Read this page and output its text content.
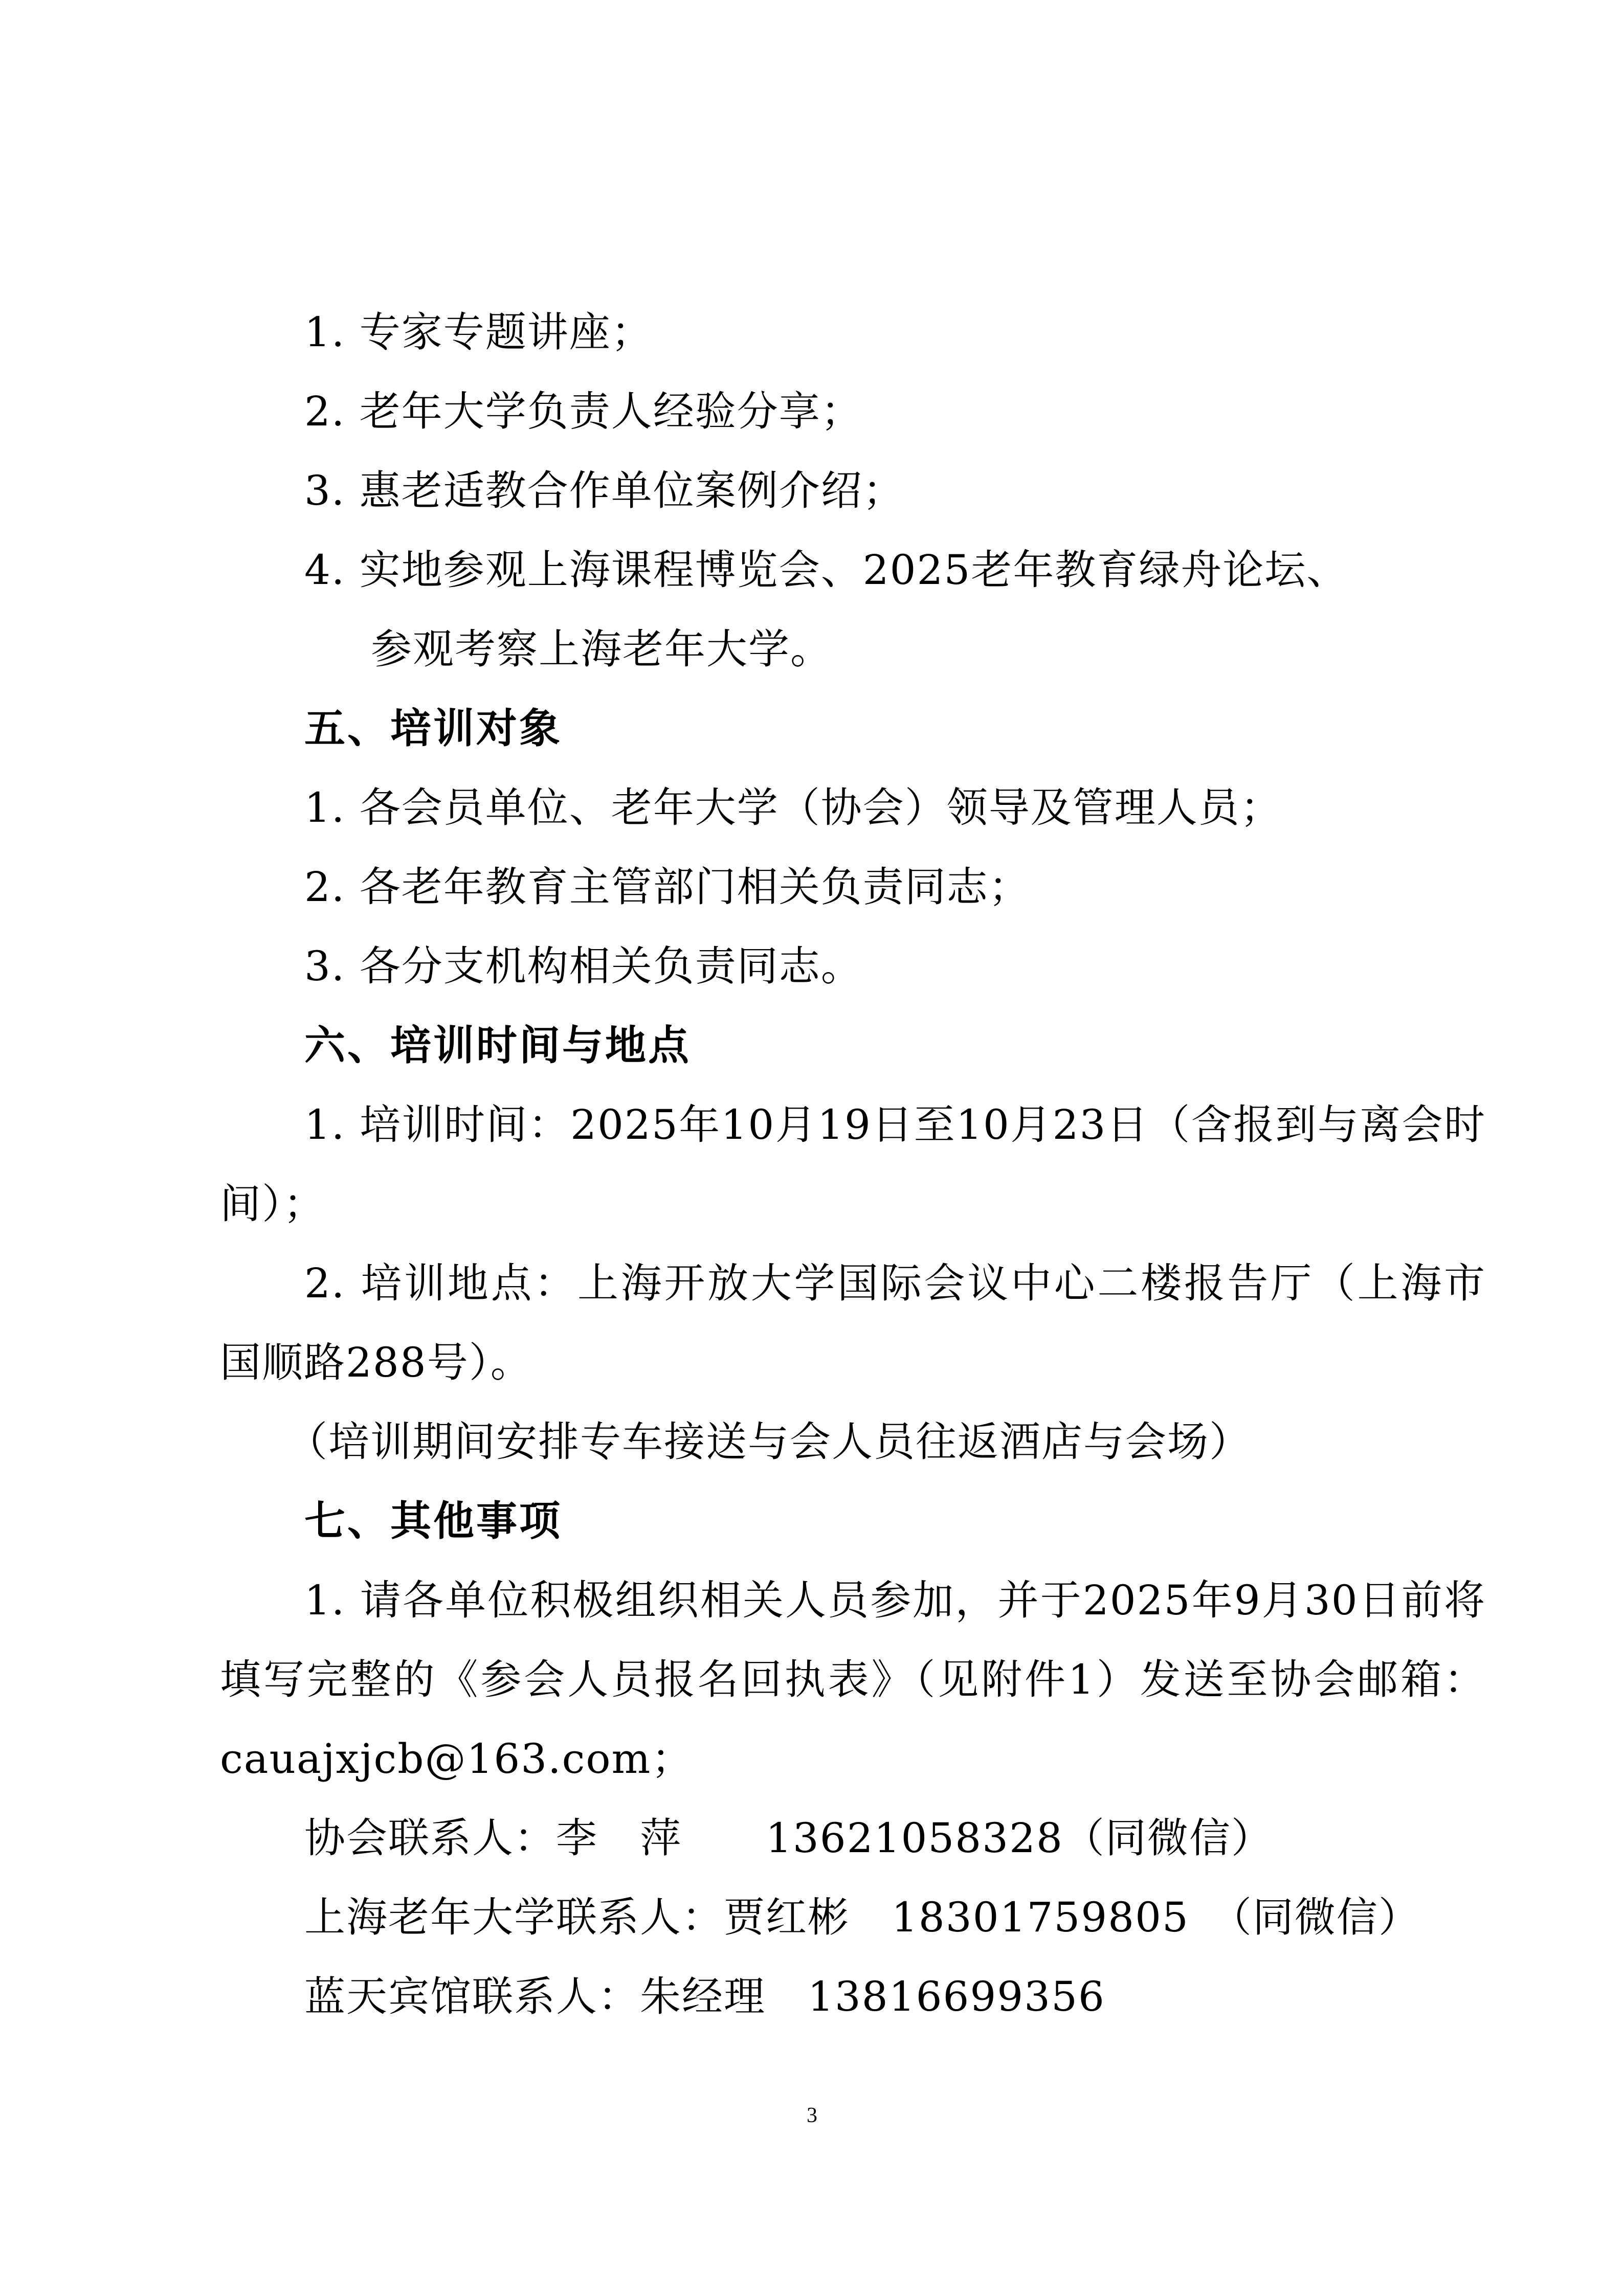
1. 专家专题讲座；

2. 老年大学负责人经验分享；

3. 惠老适教合作单位案例介绍；

4. 实地参观上海课程博览会、2025老年教育绿舟论坛、

参观考察上海老年大学。

五、培训对象

1. 各会员单位、老年大学（协会）领导及管理人员；

2. 各老年教育主管部门相关负责同志；

3. 各分支机构相关负责同志。

六、培训时间与地点

1. 培训时间：2025年10月19日至10月23日（含报到与离会时

间）；

2. 培训地点：上海开放大学国际会议中心二楼报告厅（上海市

国顺路288号）。

（培训期间安排专车接送与会人员往返酒店与会场）

七、其他事项

1. 请各单位积极组织相关人员参加，并于2025年9月30日前将

填写完整的《参会人员报名回执表》（见附件1）发送至协会邮箱：

cauajxjcb@163.com；

协会联系人：李　萍　　13621058328（同微信）

上海老年大学联系人：贾红彬　18301759805　（同微信）

蓝天宾馆联系人：朱经理　13816699356

3
